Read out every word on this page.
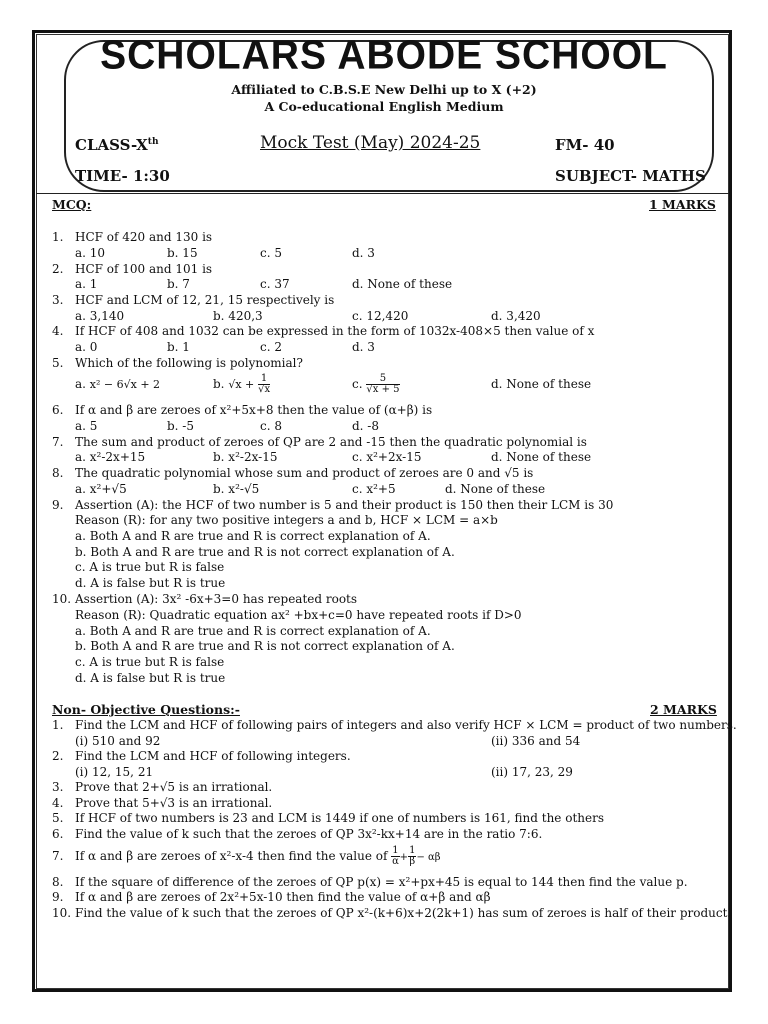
SCHOLARS ABODE SCHOOL
Affiliated to C.B.S.E New Delhi up to X (+2)
A Co-educational English Medium
CLASS-Xth	Mock Test (May) 2024-25	FM- 40
TIME- 1:30	SUBJECT- MATHS
MCQ:	1 MARKS
1. HCF of 420 and 130 is
a. 10	b. 15	c. 5	d. 3
2. HCF of 100 and 101 is
a. 1	b. 7	c. 37	d. None of these
3. HCF and LCM of 12, 21, 15 respectively is
a. 3,140	b. 420,3	c. 12,420	d. 3,420
4. If HCF of 408 and 1032 can be expressed in the form of 1032x-408×5 then value of x
a. 0	b. 1	c. 2	d. 3
5. Which of the following is polynomial?
a. x² − 6√x + 2	b. $√x + \frac{1}{√x}$	c. $\frac{5}{√x + 5}$	d. None of these
6. If α and β are zeroes of x²+5x+8 then the value of (α+β) is
a. 5	b. -5	c. 8	d. -8
7. The sum and product of zeroes of QP are 2 and -15 then the quadratic polynomial is
a. x²-2x+15	b. x²-2x-15	c. x²+2x-15	d. None of these
8. The quadratic polynomial whose sum and product of zeroes are 0 and √5 is
a. x²+√5	b. x²-√5	c. x²+5	d. None of these
9. Assertion (A): the HCF of two number is 5 and their product is 150 then their LCM is 30
Reason (R): for any two positive integers a and b, HCF × LCM = a×b
a. Both A and R are true and R is correct explanation of A.
b. Both A and R are true and R is not correct explanation of A.
c. A is true but R is false
d. A is false but R is true
10. Assertion (A): 3x² -6x+3=0 has repeated roots
Reason (R): Quadratic equation ax² +bx+c=0 have repeated roots if D>0
a. Both A and R are true and R is correct explanation of A.
b. Both A and R are true and R is not correct explanation of A.
c. A is true but R is false
d. A is false but R is true
Non- Objective Questions:-	2 MARKS
1. Find the LCM and HCF of following pairs of integers and also verify HCF × LCM = product of two numbers.
(i) 510 and 92	(ii) 336 and 54
2. Find the LCM and HCF of following integers.
(i) 12, 15, 21	(ii) 17, 23, 29
3. Prove that 2+√5 is an irrational.
4. Prove that 5+√3 is an irrational.
5. If HCF of two numbers is 23 and LCM is 1449 if one of numbers is 161, find the others
6. Find the value of k such that the zeroes of QP 3x²-kx+14 are in the ratio 7:6.
7. If α and β are zeroes of x²-x-4 then find the value of $\frac{1}{\alpha} + \frac{1}{\beta} - \alpha\beta$
8. If the square of difference of the zeroes of QP p(x) = x²+px+45 is equal to 144 then find the value p.
9. If α and β are zeroes of 2x²+5x-10 then find the value of α+β and αβ
10. Find the value of k such that the zeroes of QP x²-(k+6)x+2(2k+1) has sum of zeroes is half of their product.
